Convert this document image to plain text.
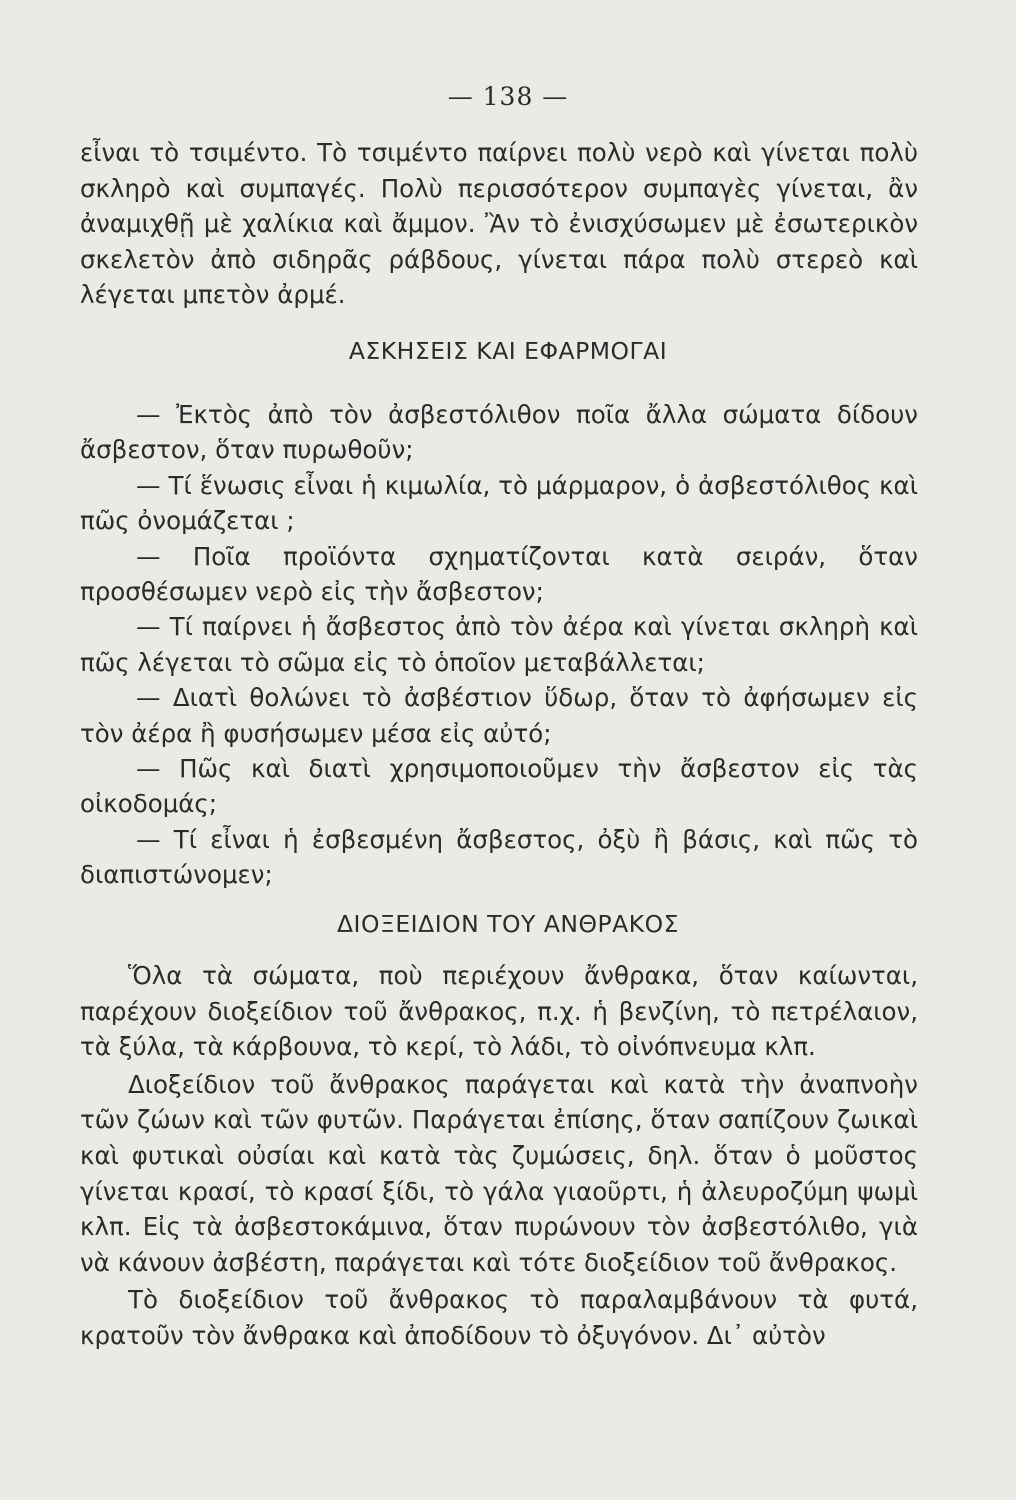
— 138 —

εἶναι τὸ τσιμέντο. Τὸ τσιμέντο παίρνει πολὺ νερὸ καὶ γίνεται πολὺ σκληρὸ καὶ συμπαγές. Πολὺ περισσότερον συμπαγὲς γίνεται, ἂν ἀναμιχθῇ μὲ χαλίκια καὶ ἄμμον. Ἂν τὸ ἐνισχύσωμεν μὲ ἐσωτερικὸν σκελετὸν ἀπὸ σιδηρᾶς ράβδους, γίνεται πάρα πολὺ στερεὸ καὶ λέγεται μπετὸν ἀρμέ.

ΑΣΚΗΣΕΙΣ ΚΑΙ ΕΦΑΡΜΟΓΑΙ

— Ἐκτὸς ἀπὸ τὸν ἀσβεστόλιθον ποῖα ἄλλα σώματα δίδουν ἄσβεστον, ὅταν πυρωθοῦν;

— Τί ἕνωσις εἶναι ἡ κιμωλία, τὸ μάρμαρον, ὁ ἀσβεστόλιθος καὶ πῶς ὀνομάζεται ;

— Ποῖα προϊόντα σχηματίζονται κατὰ σειράν, ὅταν προσθέσωμεν νερὸ εἰς τὴν ἄσβεστον;

— Τί παίρνει ἡ ἄσβεστος ἀπὸ τὸν ἀέρα καὶ γίνεται σκληρὴ καὶ πῶς λέγεται τὸ σῶμα εἰς τὸ ὁποῖον μεταβάλλεται;

— Διατὶ θολώνει τὸ ἀσβέστιον ὕδωρ, ὅταν τὸ ἀφήσωμεν εἰς τὸν ἀέρα ἢ φυσήσωμεν μέσα εἰς αὐτό;

— Πῶς καὶ διατὶ χρησιμοποιοῦμεν τὴν ἄσβεστον εἰς τὰς οἰκοδομάς;

— Τί εἶναι ἡ ἐσβεσμένη ἄσβεστος, ὀξὺ ἢ βάσις, καὶ πῶς τὸ διαπιστώνομεν;

ΔΙΟΞΕΙΔΙΟΝ ΤΟΥ ΑΝΘΡΑΚΟΣ

Ὅλα τὰ σώματα, ποὺ περιέχουν ἄνθρακα, ὅταν καίωνται, παρέχουν διοξείδιον τοῦ ἄνθρακος, π.χ. ἡ βενζίνη, τὸ πετρέλαιον, τὰ ξύλα, τὰ κάρβουνα, τὸ κερί, τὸ λάδι, τὸ οἰνόπνευμα κλπ.

Διοξείδιον τοῦ ἄνθρακος παράγεται καὶ κατὰ τὴν ἀναπνοὴν τῶν ζώων καὶ τῶν φυτῶν. Παράγεται ἐπίσης, ὅταν σαπίζουν ζωικαὶ καὶ φυτικαὶ οὐσίαι καὶ κατὰ τὰς ζυμώσεις, δηλ. ὅταν ὁ μοῦστος γίνεται κρασί, τὸ κρασί ξίδι, τὸ γάλα γιαοῦρτι, ἡ ἀλευροζύμη ψωμὶ κλπ. Εἰς τὰ ἀσβεστοκάμινα, ὅταν πυρώνουν τὸν ἀσβεστόλιθο, γιὰ νὰ κάνουν ἀσβέστη, παράγεται καὶ τότε διοξείδιον τοῦ ἄνθρακος.

Τὸ διοξείδιον τοῦ ἄνθρακος τὸ παραλαμβάνουν τὰ φυτά, κρατοῦν τὸν ἄνθρακα καὶ ἀποδίδουν τὸ ὀξυγόνον. Δι᾿ αὐτὸν
